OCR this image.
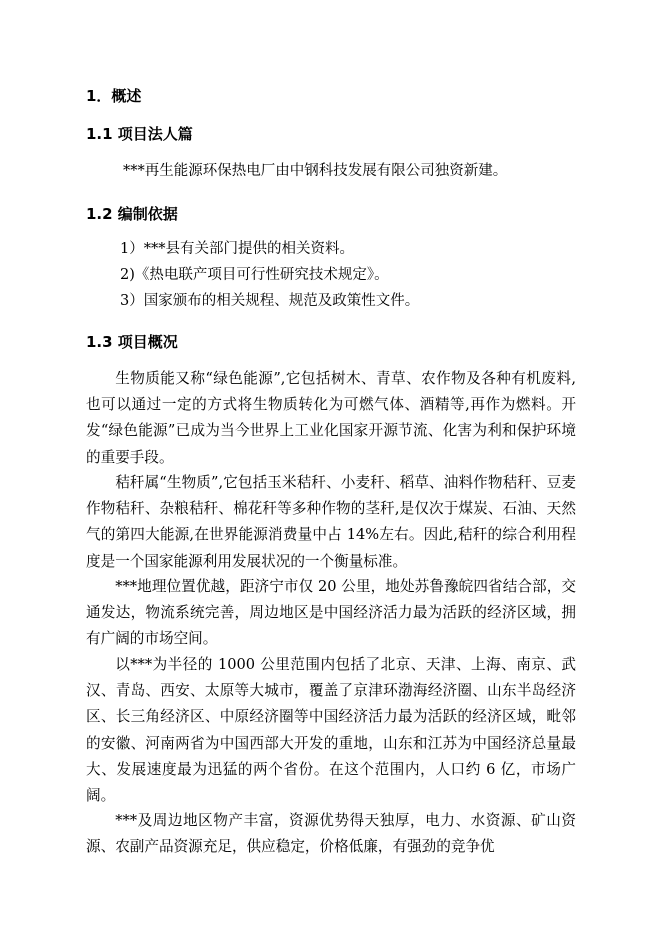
1．概述
1.1 项目法人篇
***再生能源环保热电厂由中钢科技发展有限公司独资新建。
1.2 编制依据
1）***县有关部门提供的相关资料。
2)《热电联产项目可行性研究技术规定》。
3）国家颁布的相关规程、规范及政策性文件。
1.3 项目概况

生物质能又称“绿色能源”,它包括树木、青草、农作物及各种有机废料,也可以通过一定的方式将生物质转化为可燃气体、酒精等,再作为燃料。开发“绿色能源”已成为当今世界上工业化国家开源节流、化害为利和保护环境的重要手段。

秸秆属“生物质”,它包括玉米秸秆、小麦秆、稻草、油料作物秸秆、豆麦作物秸秆、杂粮秸秆、棉花秆等多种作物的茎秆,是仅次于煤炭、石油、天然气的第四大能源,在世界能源消费量中占 14%左右。因此,秸秆的综合利用程度是一个国家能源利用发展状况的一个衡量标准。

***地理位置优越，距济宁市仅 20 公里，地处苏鲁豫皖四省结合部，交通发达，物流系统完善，周边地区是中国经济活力最为活跃的经济区域，拥有广阔的市场空间。

以***为半径的 1000 公里范围内包括了北京、天津、上海、南京、武汉、青岛、西安、太原等大城市，覆盖了京津环渤海经济圈、山东半岛经济区、长三角经济区、中原经济圈等中国经济活力最为活跃的经济区域，毗邻的安徽、河南两省为中国西部大开发的重地，山东和江苏为中国经济总量最大、发展速度最为迅猛的两个省份。在这个范围内，人口约 6 亿，市场广阔。

***及周边地区物产丰富，资源优势得天独厚，电力、水资源、矿山资源、农副产品资源充足，供应稳定，价格低廉，有强劲的竞争优
